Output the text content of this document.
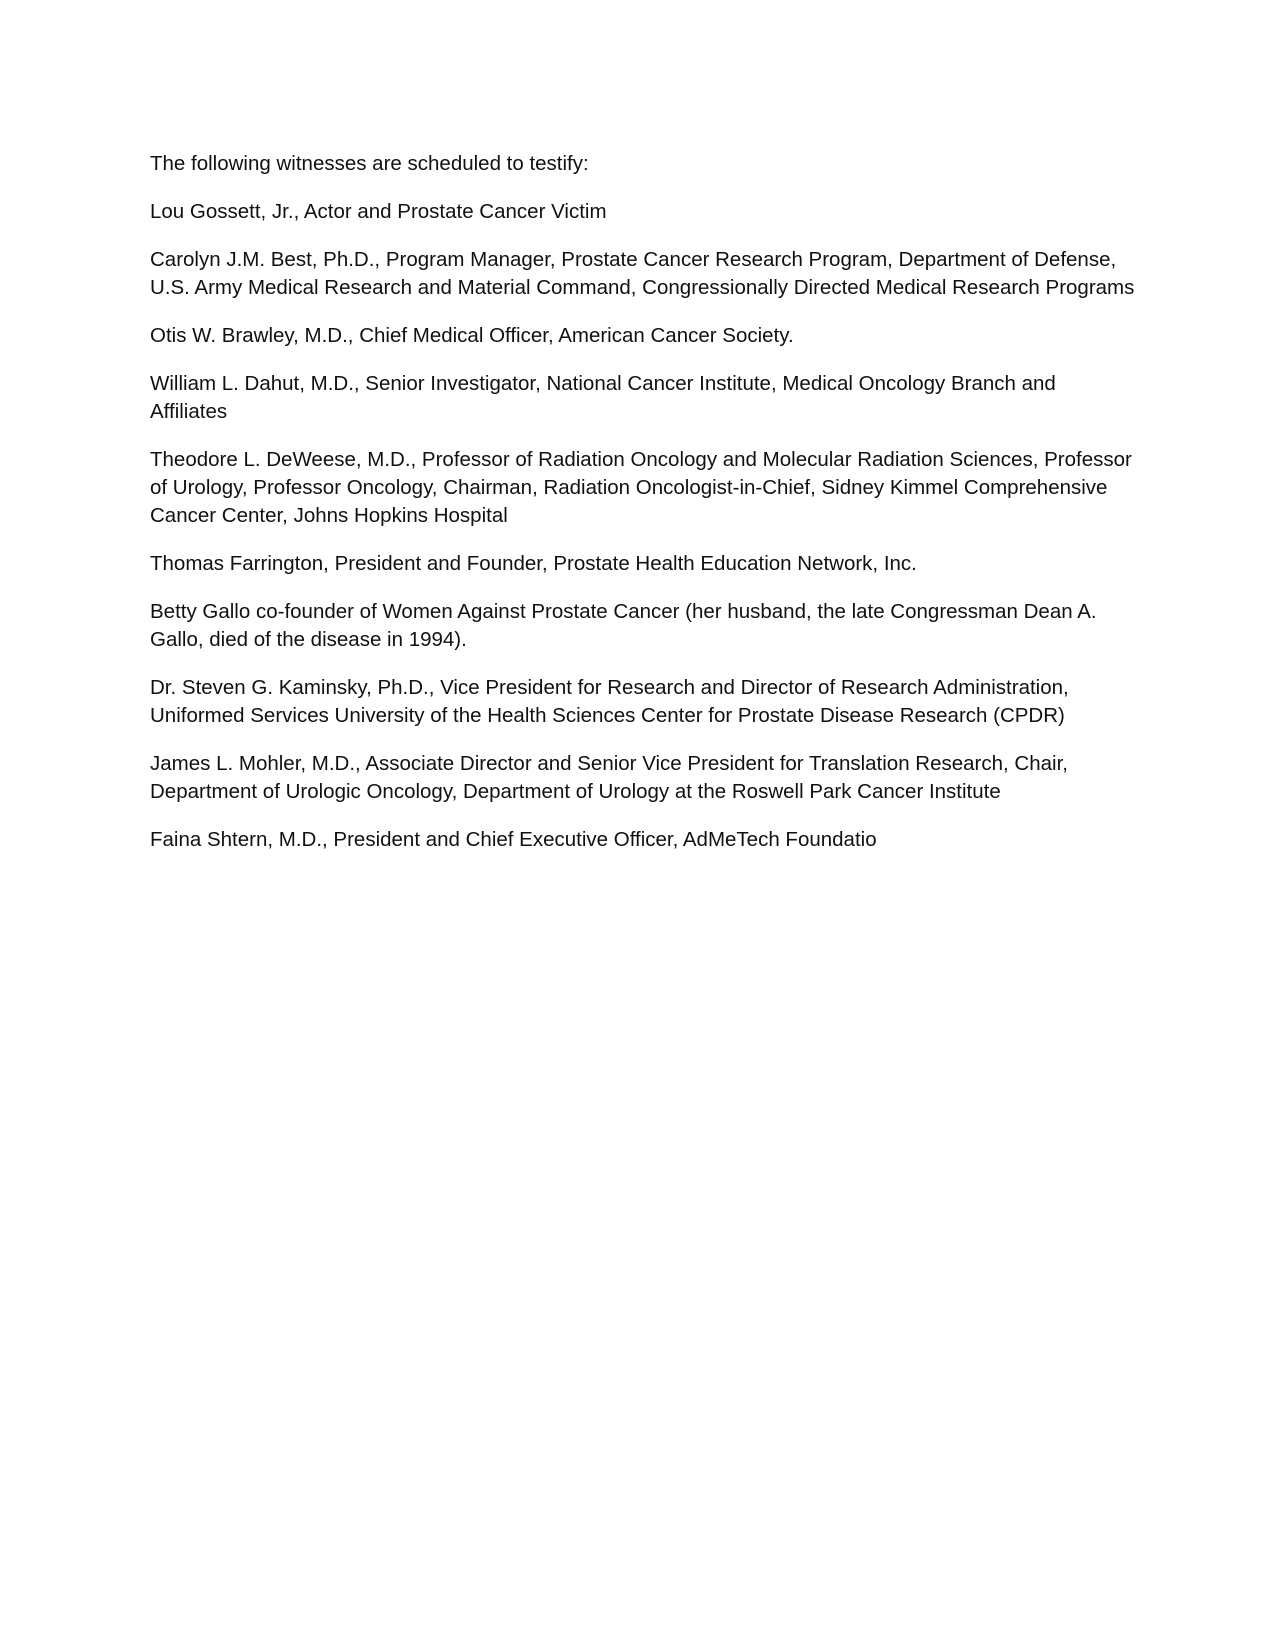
The following witnesses are scheduled to testify:

Lou Gossett, Jr., Actor and Prostate Cancer Victim
Carolyn J.M. Best, Ph.D., Program Manager, Prostate Cancer Research Program, Department of Defense, U.S. Army Medical Research and Material Command, Congressionally Directed Medical Research Programs
Otis W. Brawley, M.D., Chief Medical Officer, American Cancer Society.
William L. Dahut, M.D., Senior Investigator, National Cancer Institute, Medical Oncology Branch and Affiliates
Theodore L. DeWeese, M.D., Professor of Radiation Oncology and Molecular Radiation Sciences, Professor of Urology, Professor Oncology, Chairman, Radiation Oncologist-in-Chief, Sidney Kimmel Comprehensive Cancer Center, Johns Hopkins Hospital
Thomas Farrington, President and Founder, Prostate Health Education Network, Inc.
Betty Gallo co-founder of Women Against Prostate Cancer (her husband, the late Congressman Dean A. Gallo, died of the disease in 1994).
Dr. Steven G. Kaminsky, Ph.D., Vice President for Research and Director of Research Administration, Uniformed Services University of the Health Sciences Center for Prostate Disease Research (CPDR)
James L. Mohler, M.D., Associate Director and Senior Vice President for Translation Research, Chair, Department of Urologic Oncology, Department of Urology at the Roswell Park Cancer Institute
Faina Shtern, M.D., President and Chief Executive Officer, AdMeTech Foundatio
